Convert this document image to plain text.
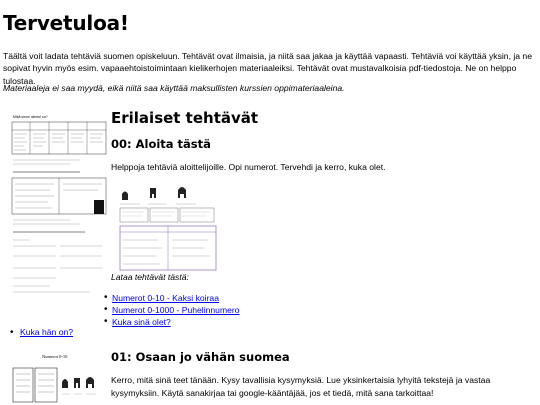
Tervetuloa!

Täältä voit ladata tehtäviä suomen opiskeluun. Tehtävät ovat ilmaisia, ja niitä saa jakaa ja käyttää vapaasti. Tehtäviä voi käyttää yksin, ja ne sopivat hyvin myös esim. vapaaehtoistoimintaan kielikerhojen materiaaleiksi. Tehtävät ovat mustavalkoisia pdf-tiedostoja. Ne on helppo tulostaa.

Materiaaleja ei saa myydä, eikä niitä saa käyttää maksullisten kurssien oppimateriaaleina.

Mikä sinun nimesi on?
• Kuka hän on?
Numerot 0-10
Erilaiset tehtävät
00: Aloita tästä

Helppoja tehtäviä aloittelijoille. Opi numerot. Tervehdi ja kerro, kuka olet.

Lataa tehtävät tästä:

• Numerot 0-10 - Kaksi koiraa
• Numerot 0-1000 - Puhelinnumero
• Kuka sinä olet?
01: Osaan jo vähän suomea

Kerro, mitä sinä teet tänään. Kysy tavallisia kysymyksiä. Lue yksinkertaisia lyhyitä tekstejä ja vastaa kysymyksiin. Käytä sanakirjaa tai google-kääntäjää, jos et tiedä, mitä sana tarkoittaa!
